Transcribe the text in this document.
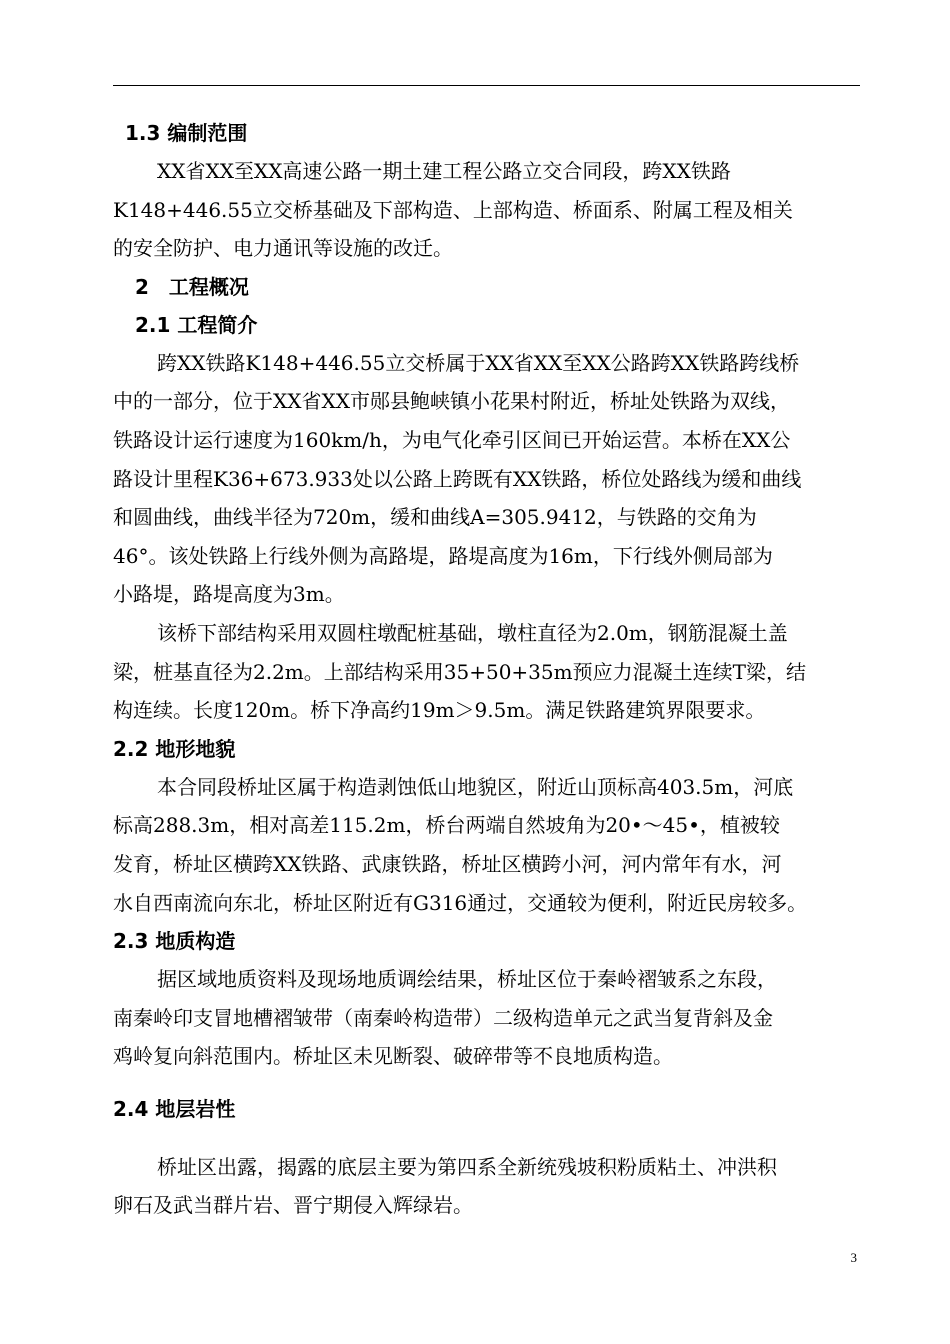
1.3 编制范围
XX省XX至XX高速公路一期土建工程公路立交合同段，跨XX铁路
K148+446.55立交桥基础及下部构造、上部构造、桥面系、附属工程及相关
的安全防护、电力通讯等设施的改迁。
2　工程概况
2.1 工程简介
跨XX铁路K148+446.55立交桥属于XX省XX至XX公路跨XX铁路跨线桥
中的一部分，位于XX省XX市郧县鲍峡镇小花果村附近，桥址处铁路为双线，
铁路设计运行速度为160km/h，为电气化牵引区间已开始运营。本桥在XX公
路设计里程K36+673.933处以公路上跨既有XX铁路，桥位处路线为缓和曲线
和圆曲线，曲线半径为720m，缓和曲线A=305.9412，与铁路的交角为
46°。该处铁路上行线外侧为高路堤，路堤高度为16m，下行线外侧局部为
小路堤，路堤高度为3m。
该桥下部结构采用双圆柱墩配桩基础，墩柱直径为2.0m，钢筋混凝土盖
梁，桩基直径为2.2m。上部结构采用35+50+35m预应力混凝土连续T梁，结
构连续。长度120m。桥下净高约19m＞9.5m。满足铁路建筑界限要求。
2.2 地形地貌
本合同段桥址区属于构造剥蚀低山地貌区，附近山顶标高403.5m，河底
标高288.3m，相对高差115.2m，桥台两端自然坡角为20•～45•，植被较
发育，桥址区横跨XX铁路、武康铁路，桥址区横跨小河，河内常年有水，河
水自西南流向东北，桥址区附近有G316通过，交通较为便利，附近民房较多。
2.3 地质构造
据区域地质资料及现场地质调绘结果，桥址区位于秦岭褶皱系之东段，
南秦岭印支冒地槽褶皱带（南秦岭构造带）二级构造单元之武当复背斜及金
鸡岭复向斜范围内。桥址区未见断裂、破碎带等不良地质构造。
2.4 地层岩性
桥址区出露，揭露的底层主要为第四系全新统残坡积粉质粘土、冲洪积
卵石及武当群片岩、晋宁期侵入辉绿岩。
3
